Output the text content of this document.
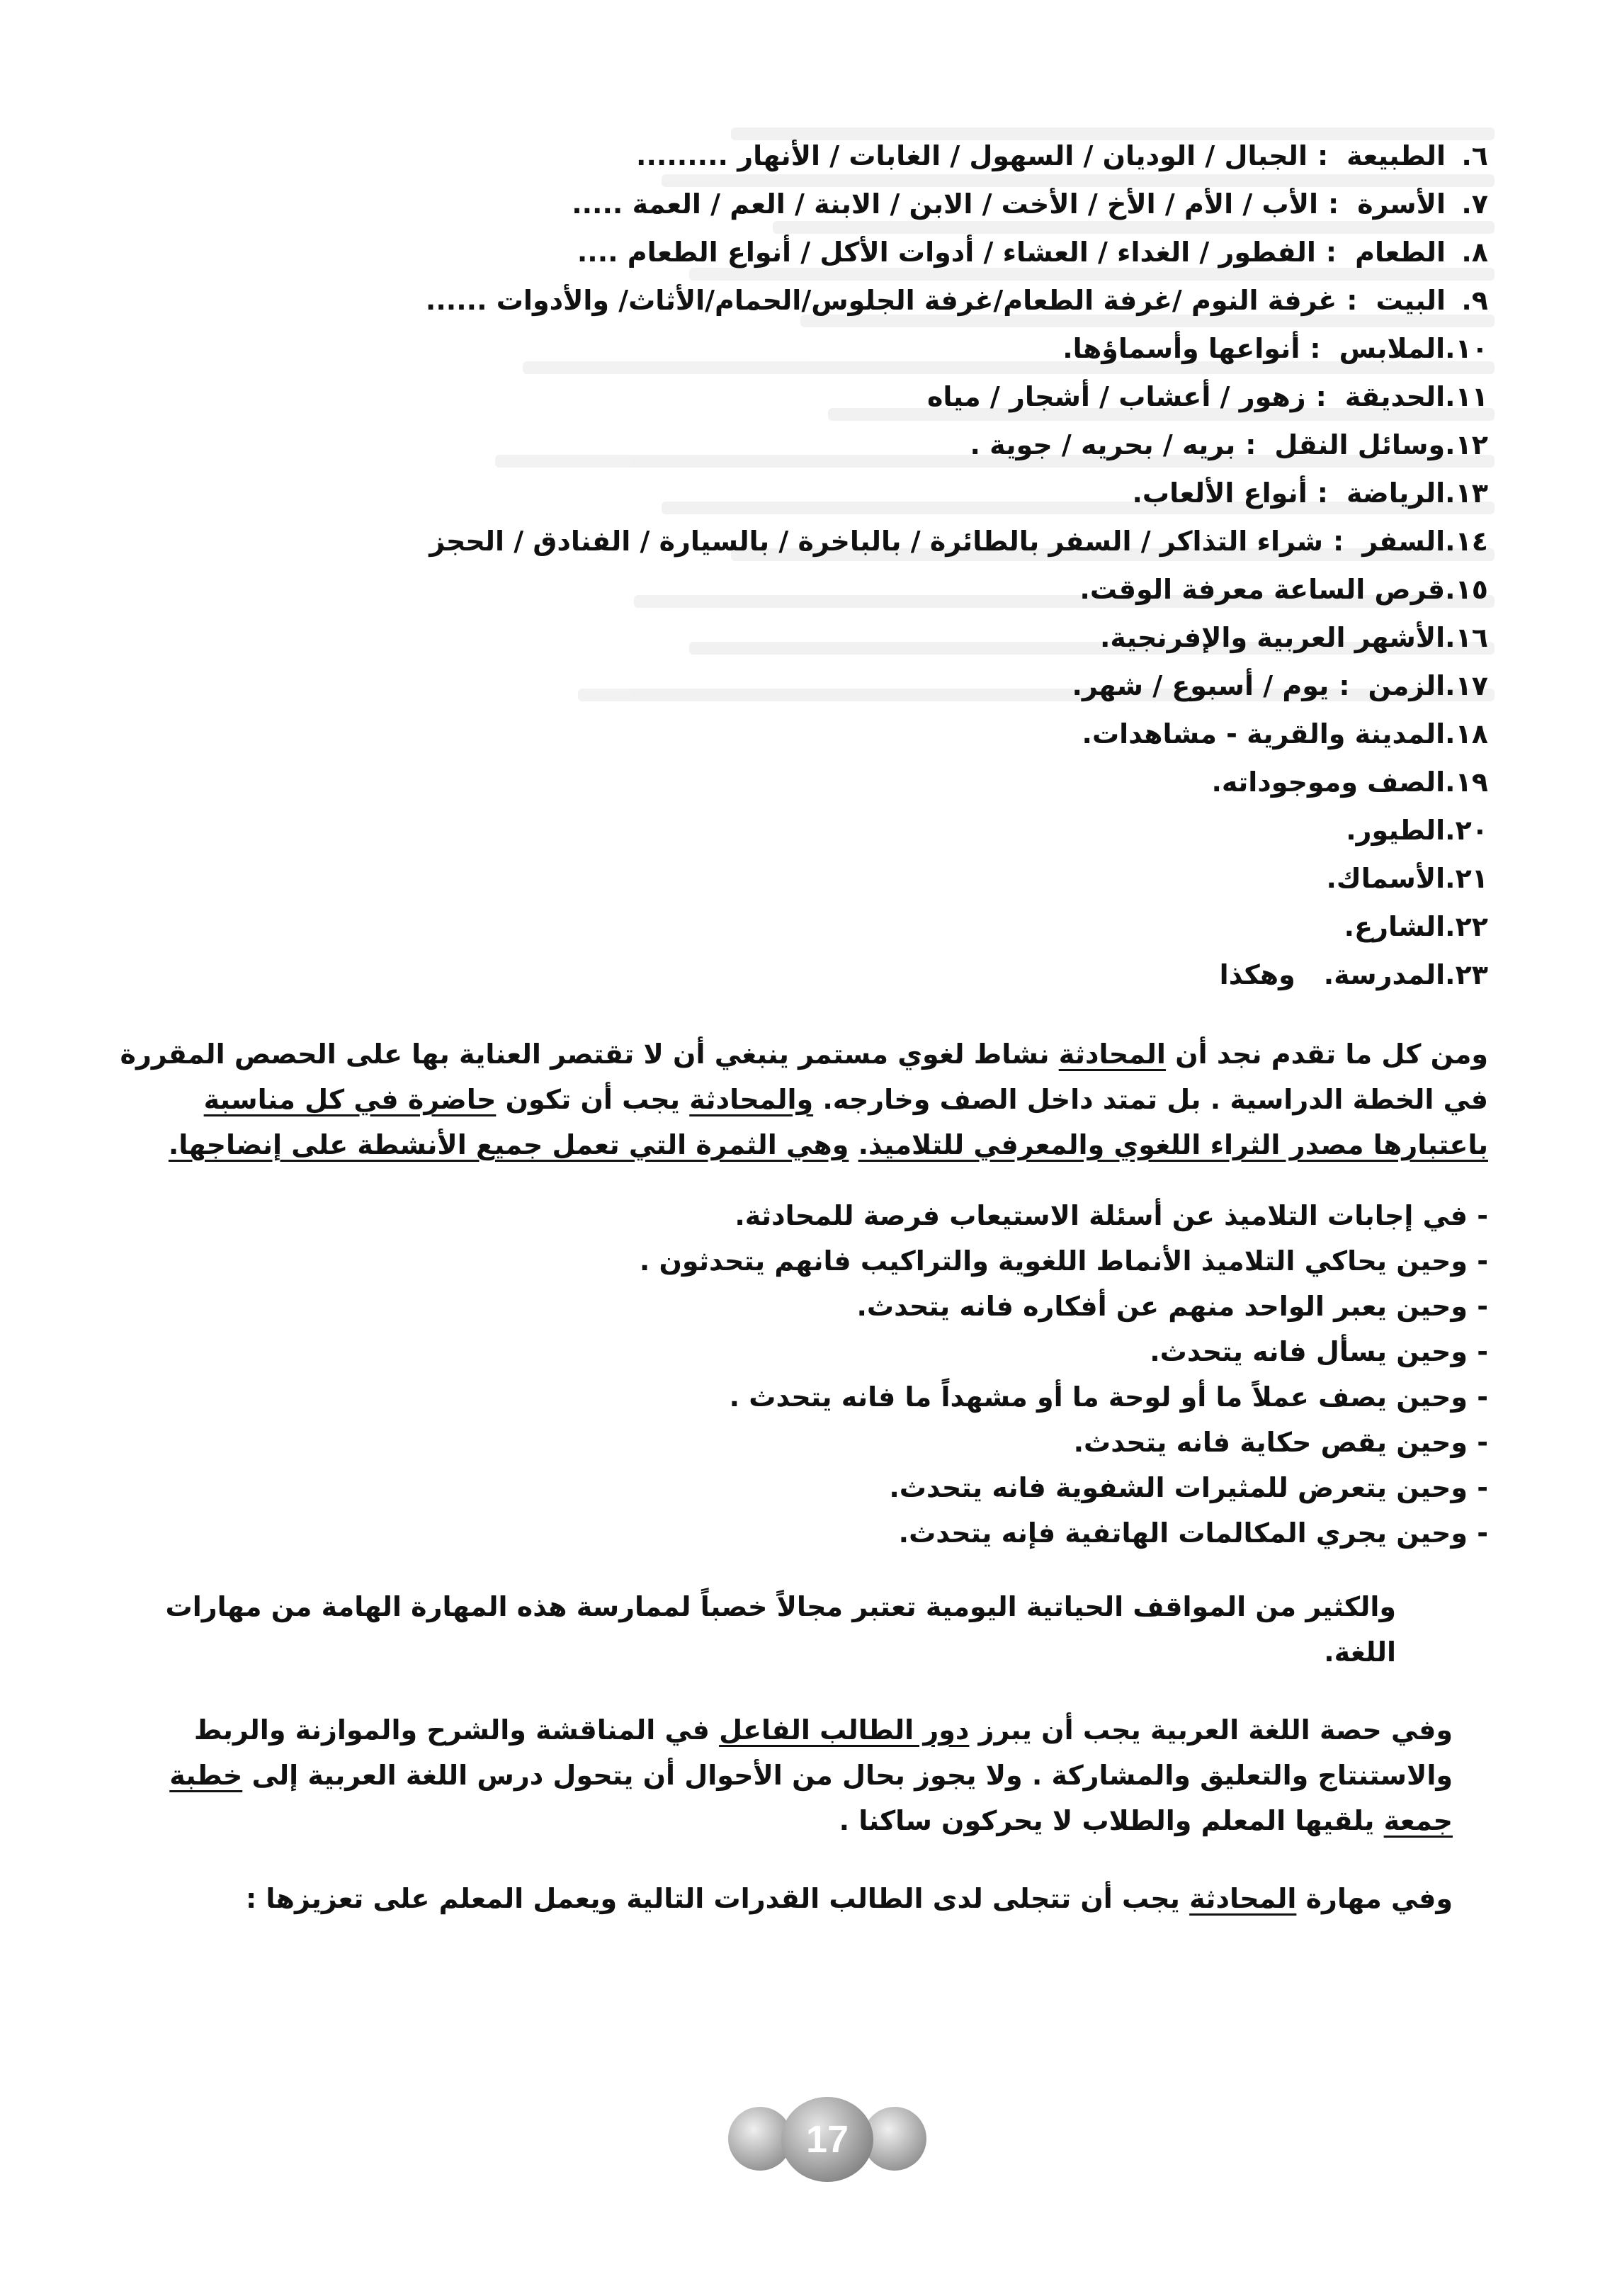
٦.الطبيعة:الجبال / الوديان / السهول / الغابات / الأنهار .........
٧.الأسرة:الأب / الأم / الأخ / الأخت / الابن / الابنة / العم / العمة .....
٨.الطعام:الفطور / الغداء / العشاء / أدوات الأكل / أنواع الطعام ....
٩.البيت:غرفة النوم /غرفة الطعام/غرفة الجلوس/الحمام/الأثاث/ والأدوات ......
١٠.الملابس:أنواعها وأسماؤها.
١١.الحديقة:زهور / أعشاب / أشجار / مياه
١٢.وسائل النقل:بريه / بحريه / جوية .
١٣.الرياضة:أنواع الألعاب.
١٤.السفر:شراء التذاكر / السفر بالطائرة / بالباخرة / بالسيارة / الفنادق / الحجز
١٥.قرص الساعة معرفة الوقت.
١٦.الأشهر العربية والإفرنجية.
١٧.الزمن:يوم / أسبوع / شهر.
١٨.المدينة والقرية - مشاهدات.
١٩.الصف وموجوداته.
٢٠.الطيور.
٢١.الأسماك.
٢٢.الشارع.
٢٣.المدرسة.وهكذا

ومن كل ما تقدم نجد أن المحادثة نشاط لغوي مستمر ينبغي أن لا تقتصر العناية بها على الحصص المقررة في الخطة الدراسية . بل تمتد داخل الصف وخارجه. والمحادثة يجب أن تكون حاضرة في كل مناسبة باعتبارها مصدر الثراء اللغوي والمعرفي للتلاميذ. وهي الثمرة التي تعمل جميع الأنشطة على إنضاجها.

- في إجابات التلاميذ عن أسئلة الاستيعاب فرصة للمحادثة.
- وحين يحاكي التلاميذ الأنماط اللغوية والتراكيب فانهم يتحدثون .
- وحين يعبر الواحد منهم عن أفكاره فانه يتحدث.
- وحين يسأل فانه يتحدث.
- وحين يصف عملاً ما أو لوحة ما أو مشهداً ما فانه يتحدث .
- وحين يقص حكاية فانه يتحدث.
- وحين يتعرض للمثيرات الشفوية فانه يتحدث.
- وحين يجري المكالمات الهاتفية فإنه يتحدث.

والكثير من المواقف الحياتية اليومية تعتبر مجالاً خصباً لممارسة هذه المهارة الهامة من مهارات اللغة.

وفي حصة اللغة العربية يجب أن يبرز دور الطالب الفاعل في المناقشة والشرح والموازنة والربط والاستنتاج والتعليق والمشاركة . ولا يجوز بحال من الأحوال أن يتحول درس اللغة العربية إلى خطبة جمعة يلقيها المعلم والطلاب لا يحركون ساكنا .

وفي مهارة المحادثة يجب أن تتجلى لدى الطالب القدرات التالية ويعمل المعلم على تعزيزها :

17
